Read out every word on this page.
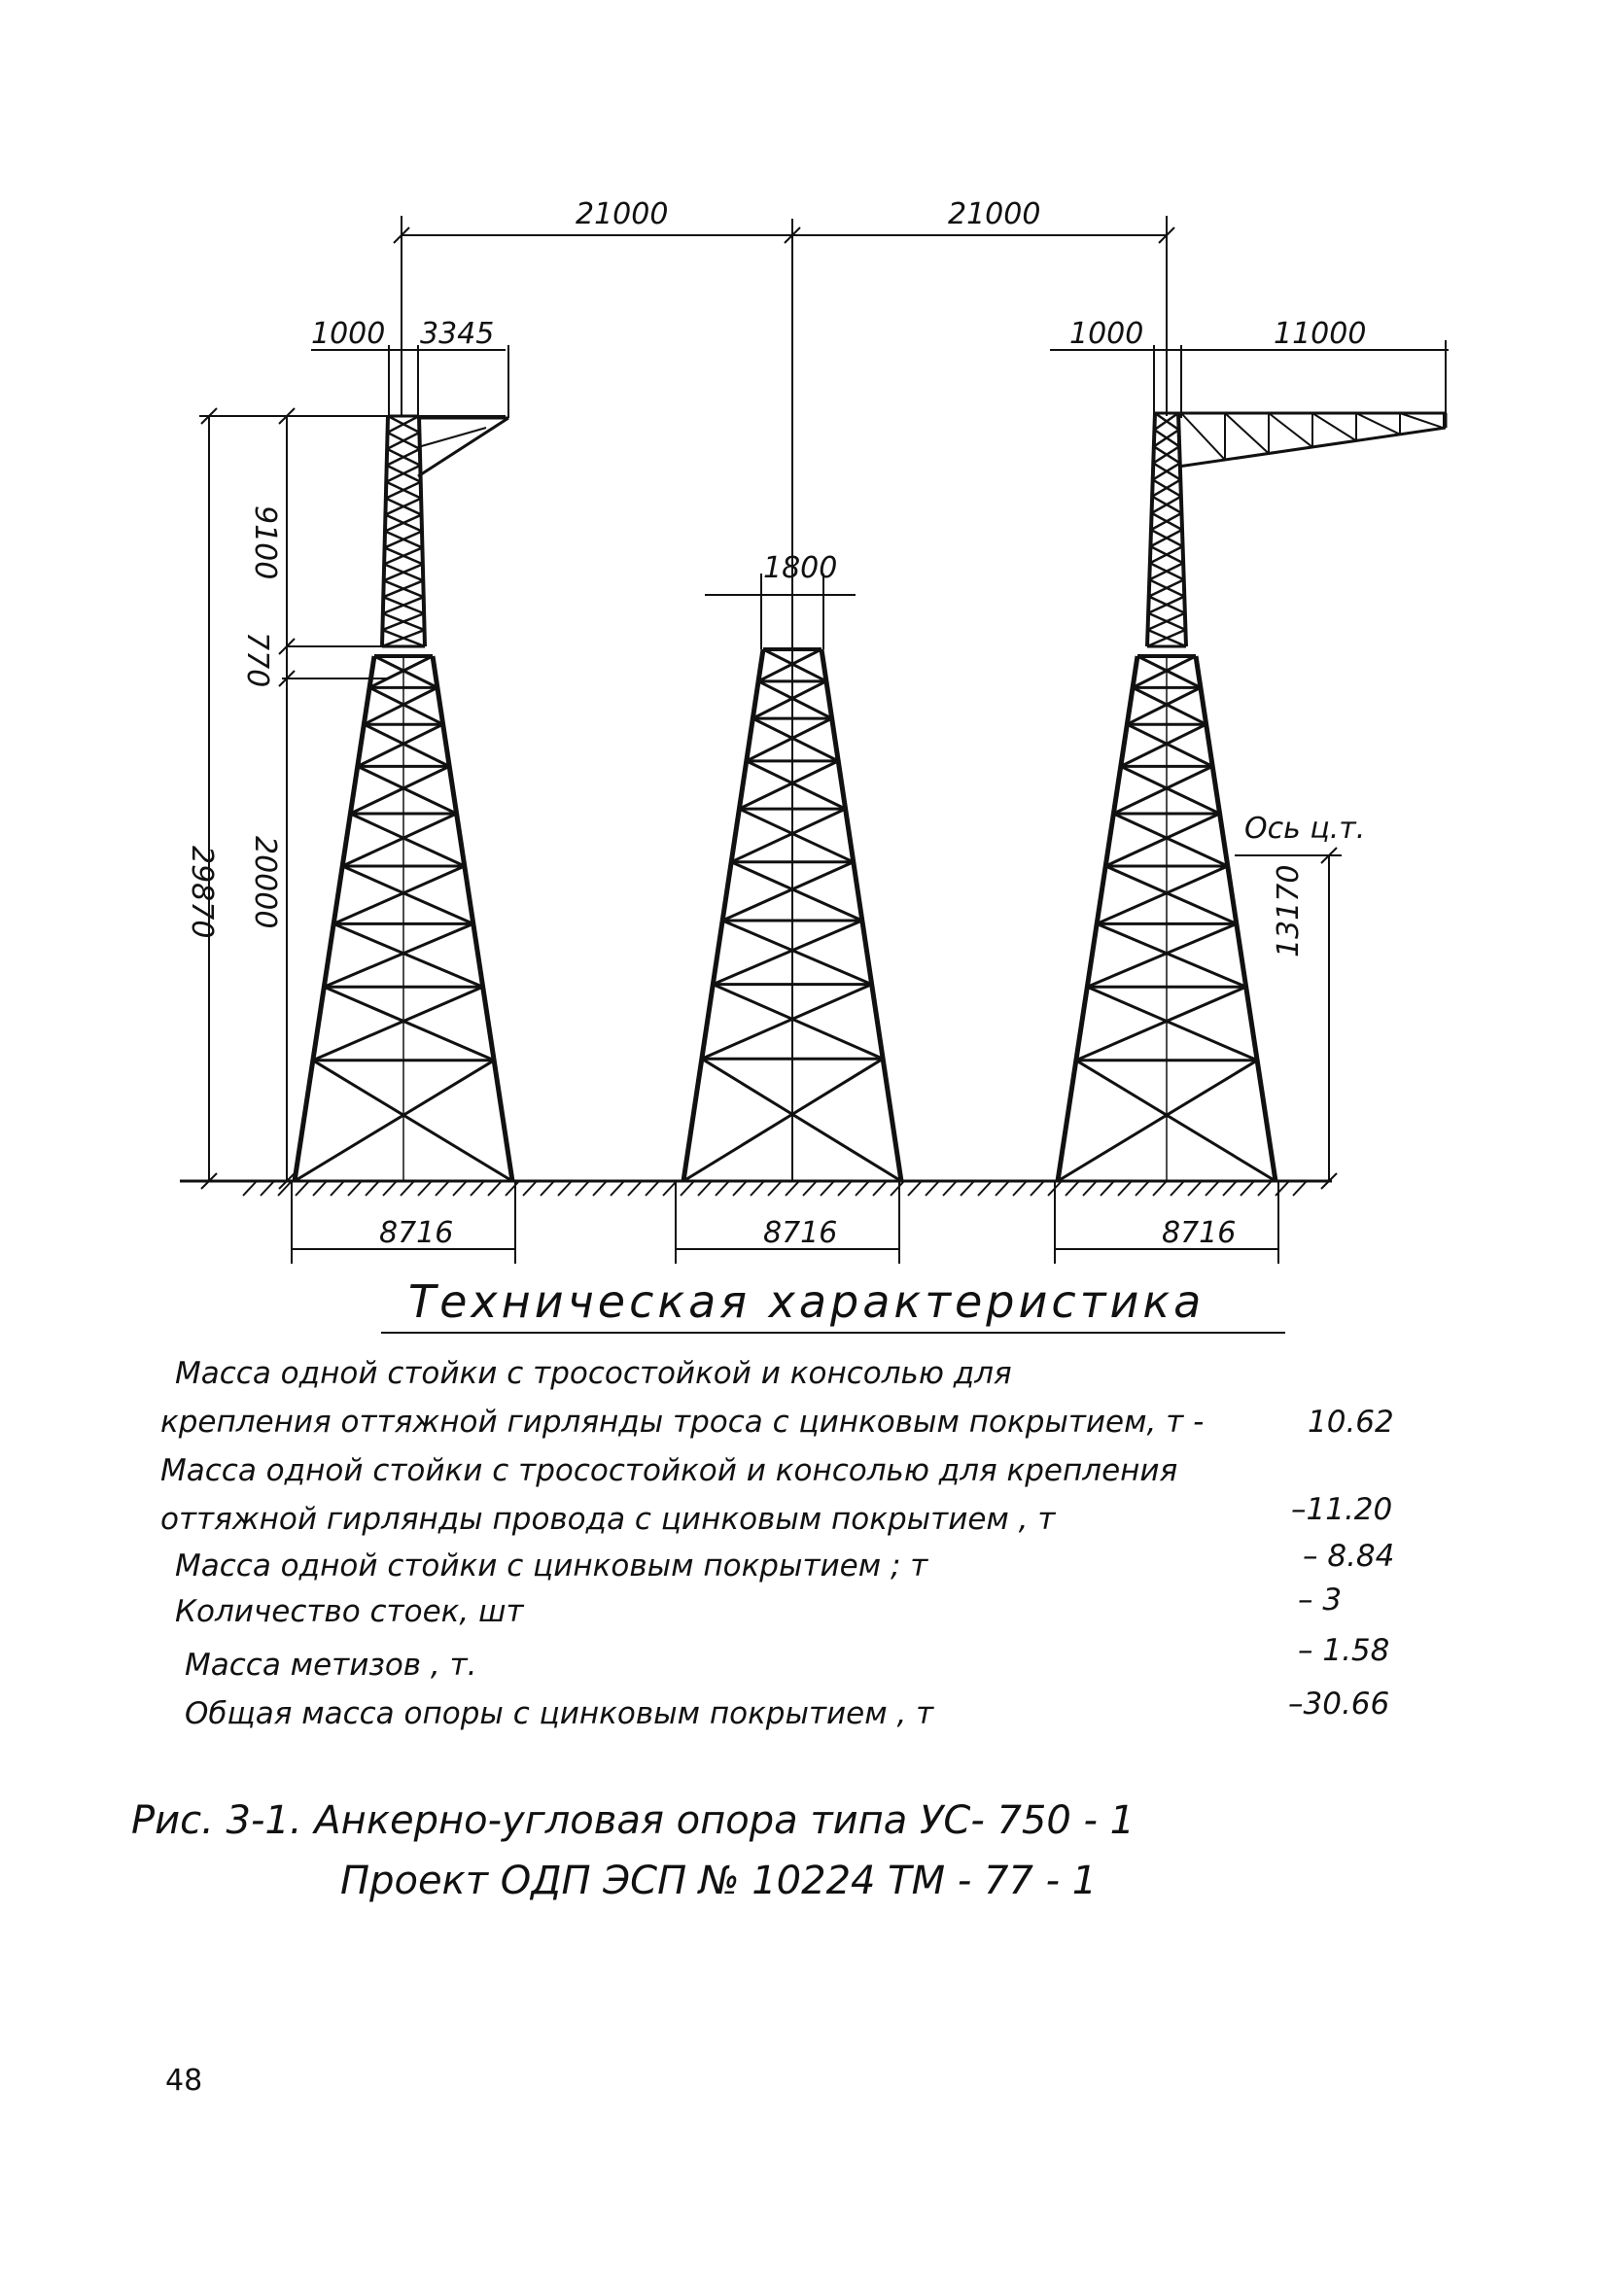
21000	21000
1000 3345	1000	11000
1800
29870
9100
770
20000
Ось ц.т.
13170
8716	8716	8716
Техническая характеристика
Масса одной стойки с тросостойкой и консолью для
крепления оттяжной гирлянды троса с цинковым покрытием, т -	10.62
Масса одной стойки с тросостойкой и консолью для крепления
оттяжной гирлянды провода с цинковым покрытием , т	–11.20
Масса одной стойки с цинковым покрытием ; т	– 8.84
Количество стоек, шт	– 3
Масса метизов , т.	– 1.58
Общая масса опоры с цинковым покрытием , т	–30.66
Рис. 3-1. Анкерно-угловая опора типа УС- 750 - 1
Проект ОДП ЭСП № 10224 ТМ - 77 - 1
48
